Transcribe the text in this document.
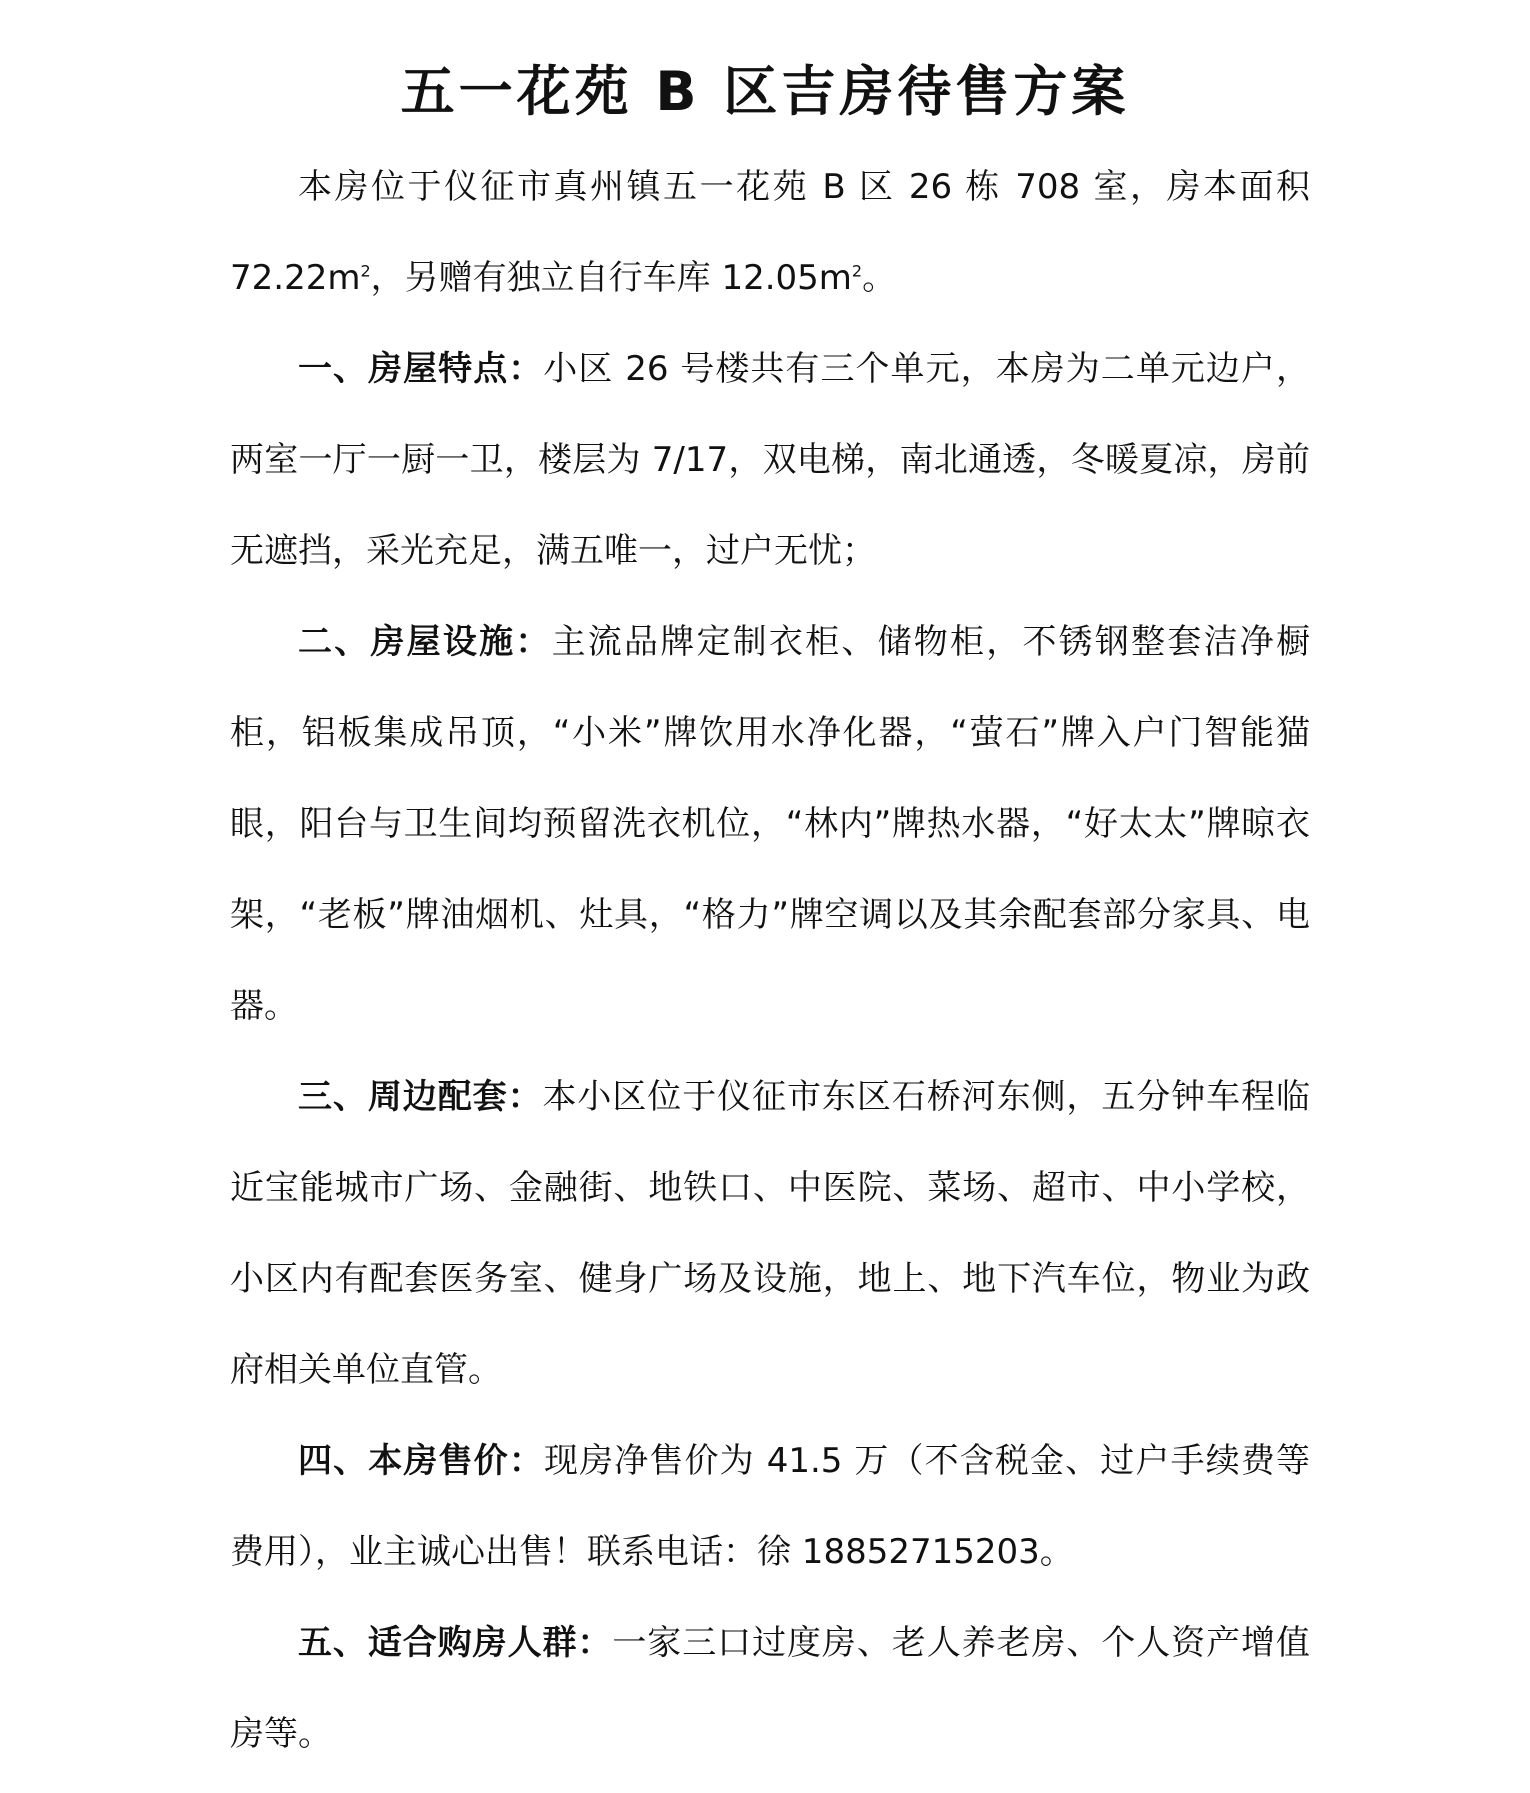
五一花苑 B 区吉房待售方案

本房位于仪征市真州镇五一花苑 B 区 26 栋 708 室，房本面积 $72.22m^2$，另赠有独立自行车库 $12.05m^2$。

一、房屋特点：小区 26 号楼共有三个单元，本房为二单元边户，两室一厅一厨一卫，楼层为 7/17，双电梯，南北通透，冬暖夏凉，房前无遮挡，采光充足，满五唯一，过户无忧；

二、房屋设施：主流品牌定制衣柜、储物柜，不锈钢整套洁净橱柜，铝板集成吊顶，“小米”牌饮用水净化器，“萤石”牌入户门智能猫眼，阳台与卫生间均预留洗衣机位，“林内”牌热水器，“好太太”牌晾衣架，“老板”牌油烟机、灶具，“格力”牌空调以及其余配套部分家具、电器。

三、周边配套：本小区位于仪征市东区石桥河东侧，五分钟车程临近宝能城市广场、金融街、地铁口、中医院、菜场、超市、中小学校，小区内有配套医务室、健身广场及设施，地上、地下汽车位，物业为政府相关单位直管。

四、本房售价：现房净售价为 41.5 万（不含税金、过户手续费等费用），业主诚心出售！联系电话：徐 18852715203。

五、适合购房人群：一家三口过度房、老人养老房、个人资产增值房等。
